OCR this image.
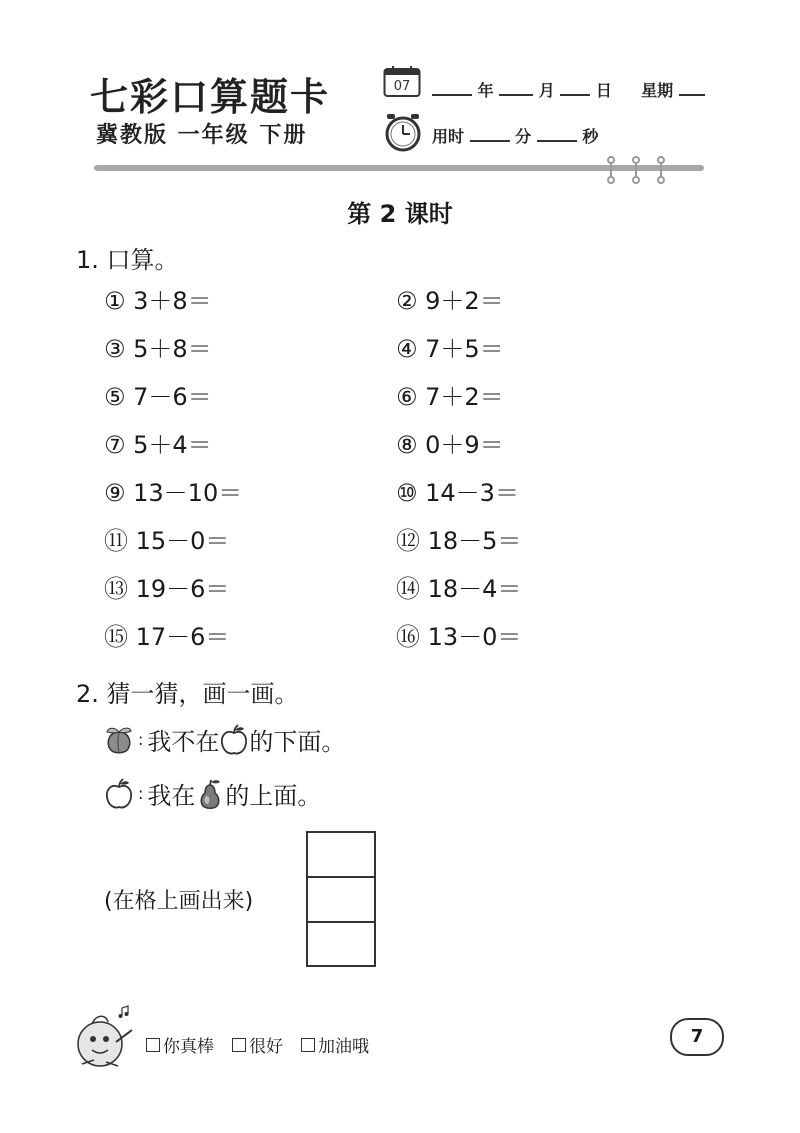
七彩口算题卡
冀教版 一年级 下册
07	年	月	日 星期
用时	分	秒
第 2 课时
1. 口算。
① 3＋8＝	② 9＋2＝
③ 5＋8＝	④ 7＋5＝
⑤ 7－6＝	⑥ 7＋2＝
⑦ 5＋4＝	⑧ 0＋9＝
⑨ 13－10＝	⑩ 14－3＝
⑪ 15－0＝	⑫ 18－5＝
⑬ 19－6＝	⑭ 18－4＝
⑮ 17－6＝	⑯ 13－0＝
2. 猜一猜，画一画。
: 我不在 的下面。
: 我在 的上面。
(在格上画出来)
你真棒 很好 加油哦	7
